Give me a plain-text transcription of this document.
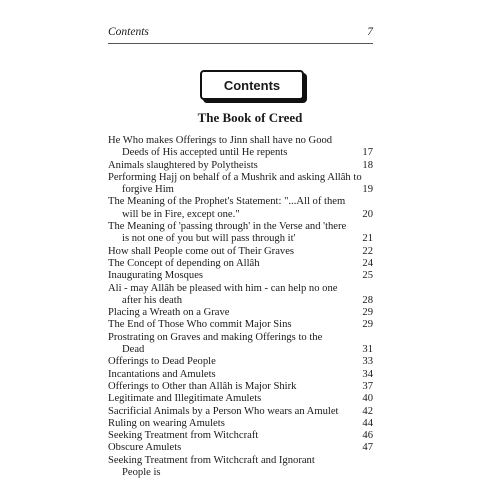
Contents	7
Contents
The Book of Creed
He Who makes Offerings to Jinn shall have no Good
Deeds of His accepted until He repents	17
Animals slaughtered by Polytheists	18
Performing Hajj on behalf of a Mushrik and asking Allâh to
forgive Him	19
The Meaning of the Prophet's Statement: "...All of them
will be in Fire, except one."	20
The Meaning of 'passing through' in the Verse and 'there
is not one of you but will pass through it'	21
How shall People come out of Their Graves	22
The Concept of depending on Allâh	24
Inaugurating Mosques	25
Ali - may Allâh be pleased with him - can help no one
after his death	28
Placing a Wreath on a Grave	29
The End of Those Who commit Major Sins	29
Prostrating on Graves and making Offerings to the Dead	31
Offerings to Dead People	33
Incantations and Amulets	34
Offerings to Other than Allâh is Major Shirk	37
Legitimate and Illegitimate Amulets	40
Sacrificial Animals by a Person Who wears an Amulet	42
Ruling on wearing Amulets	44
Seeking Treatment from Witchcraft	46
Obscure Amulets	47
Seeking Treatment from Witchcraft and Ignorant People is
